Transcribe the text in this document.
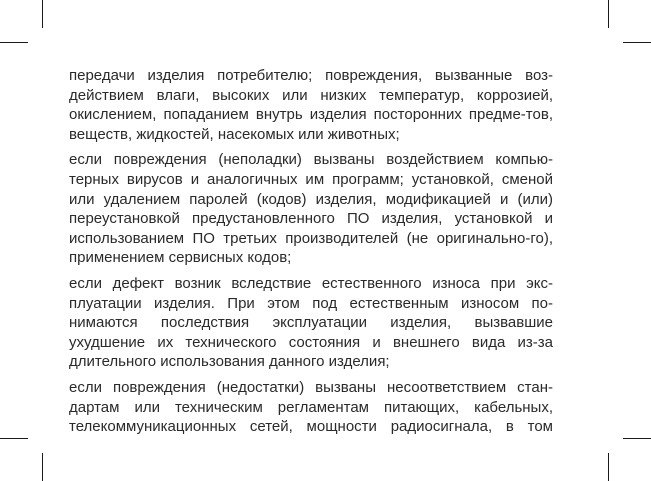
передачи изделия потребителю; повреждения, вызванные воз-действием влаги, высоких или низких температур, коррозией, окислением, попаданием внутрь изделия посторонних предме-тов, веществ, жидкостей, насекомых или животных;

если повреждения (неполадки) вызваны воздействием компью-терных вирусов и аналогичных им программ; установкой, сменой или удалением паролей (кодов) изделия, модификацией и (или) переустановкой предустановленного ПО изделия, установкой и использованием ПО третьих производителей (не оригинально-го), применением сервисных кодов;

если дефект возник вследствие естественного износа при экс-плуатации изделия. При этом под естественным износом по-нимаются последствия эксплуатации изделия, вызвавшие ухудшение их технического состояния и внешнего вида из-за длительного использования данного изделия;

если повреждения (недостатки) вызваны несоответствием стан-дартам или техническим регламентам питающих, кабельных, телекоммуникационных сетей, мощности радиосигнала, в том
